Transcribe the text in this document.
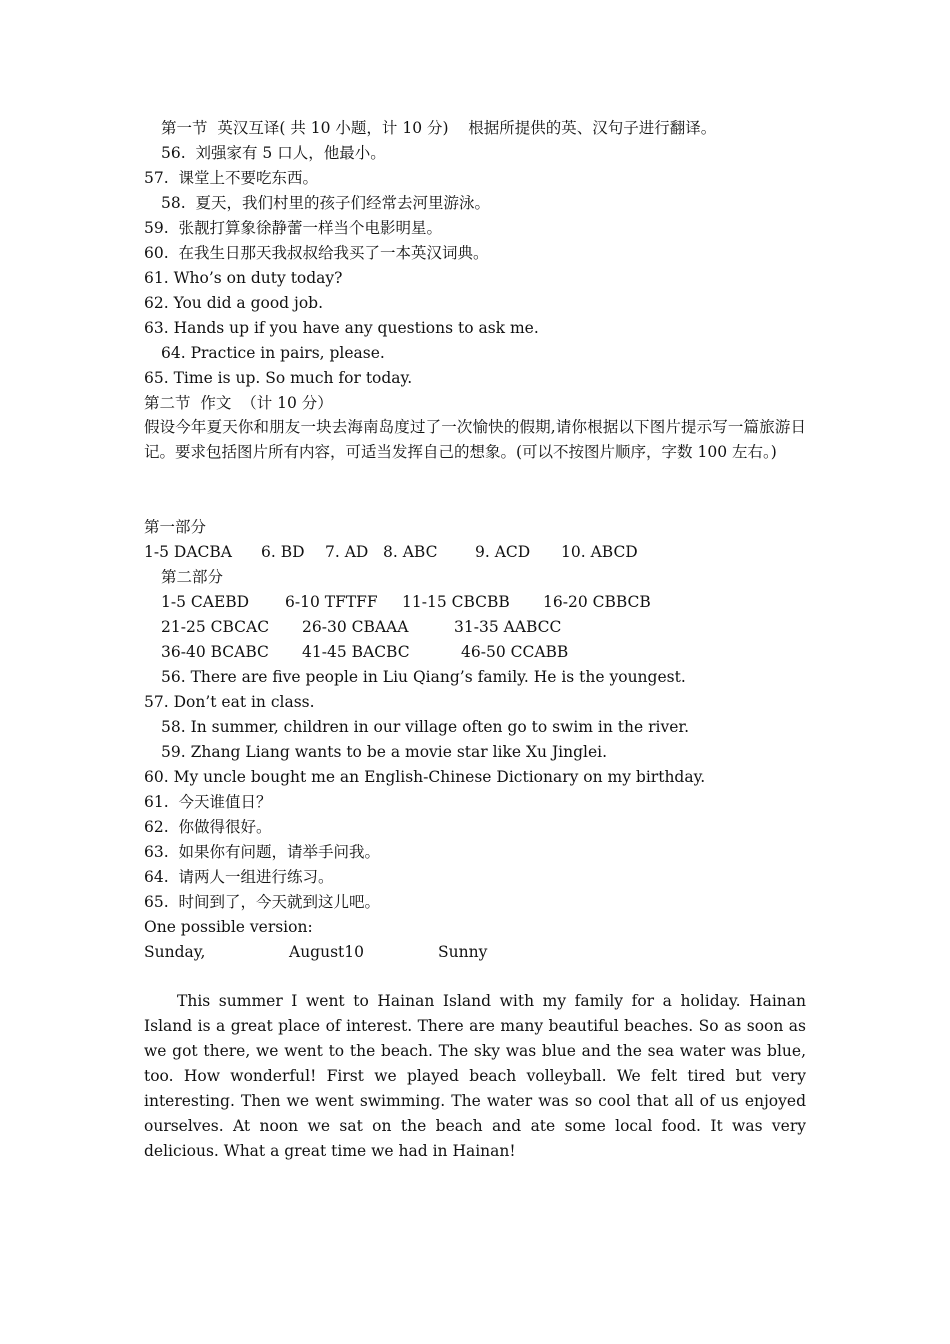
第一节  英汉互译( 共 10 小题，计 10 分)    根据所提供的英、汉句子进行翻译。
56.  刘强家有 5 口人，他最小。
57.  课堂上不要吃东西。
58.  夏天，我们村里的孩子们经常去河里游泳。
59.  张靓打算象徐静蕾一样当个电影明星。
60.  在我生日那天我叔叔给我买了一本英汉词典。
61. Who’s on duty today?
62. You did a good job.
63. Hands up if you have any questions to ask me.
64. Practice in pairs, please.
65. Time is up. So much for today.
第二节  作文  （计 10 分）
假设今年夏天你和朋友一块去海南岛度过了一次愉快的假期,请你根据以下图片提示写一篇旅游日记。要求包括图片所有内容，可适当发挥自己的想象。(可以不按图片顺序，字数 100 左右。)
第一部分
1-5 DACBA 6. BD 7. AD 8. ABC 9. ACD 10. ABCD
第二部分
1-5 CAEBD 6-10 TFTFF 11-15 CBCBB 16-20 CBBCB
21-25 CBCAC 26-30 CBAAA	31-35 AABCC
36-40 BCABC 41-45 BACBC	46-50 CCABB
56. There are five people in Liu Qiang’s family. He is the youngest.
57. Don’t eat in class.
58. In summer, children in our village often go to swim in the river.
59. Zhang Liang wants to be a movie star like Xu Jinglei.
60. My uncle bought me an English-Chinese Dictionary on my birthday.
61.  今天谁值日？
62.  你做得很好。
63.  如果你有问题，请举手问我。
64.  请两人一组进行练习。
65.  时间到了，今天就到这儿吧。
One possible version:
Sunday,	August10	Sunny
This summer I went to Hainan Island with my family for a holiday. Hainan Island is a great place of interest. There are many beautiful beaches. So as soon as we got there, we went to the beach. The sky was blue and the sea water was blue, too. How wonderful! First we played beach volleyball. We felt tired but very interesting. Then we went swimming. The water was so cool that all of us enjoyed ourselves. At noon we sat on the beach and ate some local food. It was very delicious. What a great time we had in Hainan!
